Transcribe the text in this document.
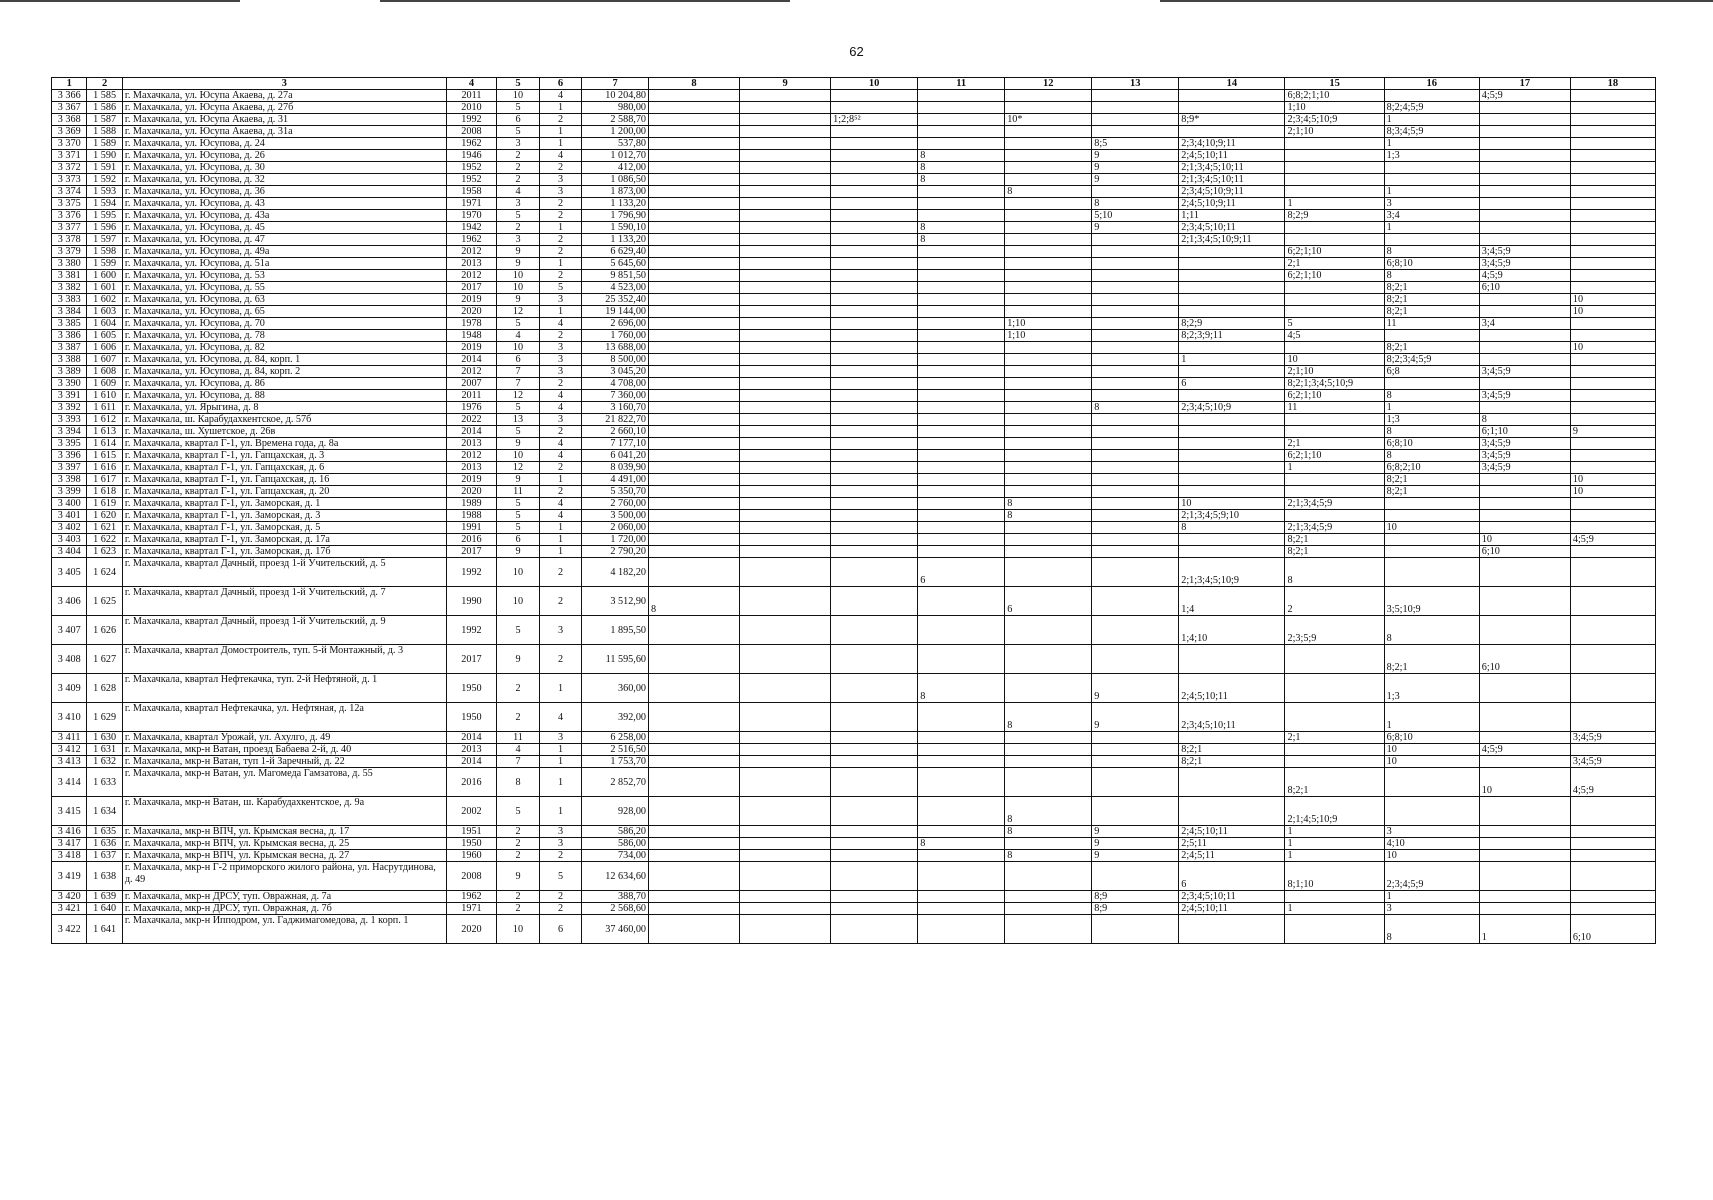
62
1	2	3	4	5	6	7	8	9	10	11	12	13	14	15	16	17	18
3 366	1 585	г. Махачкала, ул. Юсупа Акаева, д. 27а	2011	10	4	10 204,80								6;8;2;1;10		4;5;9	
3 367	1 586	г. Махачкала, ул. Юсупа Акаева, д. 27б	2010	5	1	980,00								1;10	8;2;4;5;9		
3 368	1 587	г. Махачкала, ул. Юсупа Акаева, д. 31	1992	6	2	2 588,70			1;2;8⁵²		10*		8;9*	2;3;4;5;10;9	1		
3 369	1 588	г. Махачкала, ул. Юсупа Акаева, д. 31а	2008	5	1	1 200,00								2;1;10	8;3;4;5;9		
3 370	1 589	г. Махачкала, ул. Юсупова, д. 24	1962	3	1	537,80						8;5	2;3;4;10;9;11		1		
3 371	1 590	г. Махачкала, ул. Юсупова, д. 26	1946	2	4	1 012,70				8		9	2;4;5;10;11		1;3		
3 372	1 591	г. Махачкала, ул. Юсупова, д. 30	1952	2	2	412,00				8		9	2;1;3;4;5;10;11				
3 373	1 592	г. Махачкала, ул. Юсупова, д. 32	1952	2	3	1 086,50				8		9	2;1;3;4;5;10;11				
3 374	1 593	г. Махачкала, ул. Юсупова, д. 36	1958	4	3	1 873,00					8		2;3;4;5;10;9;11		1		
3 375	1 594	г. Махачкала, ул. Юсупова, д. 43	1971	3	2	1 133,20						8	2;4;5;10;9;11	1	3		
3 376	1 595	г. Махачкала, ул. Юсупова, д. 43а	1970	5	2	1 796,90						5;10	1;11	8;2;9	3;4		
3 377	1 596	г. Махачкала, ул. Юсупова, д. 45	1942	2	1	1 590,10				8		9	2;3;4;5;10;11		1		
3 378	1 597	г. Махачкала, ул. Юсупова, д. 47	1962	3	2	1 133,20				8			2;1;3;4;5;10;9;11				
3 379	1 598	г. Махачкала, ул. Юсупова, д. 49а	2012	9	2	6 629,40								6;2;1;10	8	3;4;5;9	
3 380	1 599	г. Махачкала, ул. Юсупова, д. 51а	2013	9	1	5 645,60								2;1	6;8;10	3;4;5;9	
3 381	1 600	г. Махачкала, ул. Юсупова, д. 53	2012	10	2	9 851,50								6;2;1;10	8	4;5;9	
3 382	1 601	г. Махачкала, ул. Юсупова, д. 55	2017	10	5	4 523,00									8;2;1	6;10	
3 383	1 602	г. Махачкала, ул. Юсупова, д. 63	2019	9	3	25 352,40									8;2;1		10
3 384	1 603	г. Махачкала, ул. Юсупова, д. 65	2020	12	1	19 144,00									8;2;1		10
3 385	1 604	г. Махачкала, ул. Юсупова, д. 70	1978	5	4	2 696,00					1;10		8;2;9	5	11	3;4	
3 386	1 605	г. Махачкала, ул. Юсупова, д. 78	1948	4	2	1 760,00					1;10		8;2;3;9;11	4;5			
3 387	1 606	г. Махачкала, ул. Юсупова, д. 82	2019	10	3	13 688,00									8;2;1		10
3 388	1 607	г. Махачкала, ул. Юсупова, д. 84, корп. 1	2014	6	3	8 500,00							1	10	8;2;3;4;5;9		
3 389	1 608	г. Махачкала, ул. Юсупова, д. 84, корп. 2	2012	7	3	3 045,20								2;1;10	6;8	3;4;5;9	
3 390	1 609	г. Махачкала, ул. Юсупова, д. 86	2007	7	2	4 708,00							6	8;2;1;3;4;5;10;9			
3 391	1 610	г. Махачкала, ул. Юсупова, д. 88	2011	12	4	7 360,00								6;2;1;10	8	3;4;5;9	
3 392	1 611	г. Махачкала, ул. Ярыгина, д. 8	1976	5	4	3 160,70						8	2;3;4;5;10;9	11	1		
3 393	1 612	г. Махачкала, ш. Карабудахкентское, д. 57б	2022	13	3	21 822,70									1;3	8	
3 394	1 613	г. Махачкала, ш. Хушетское, д. 26в	2014	5	2	2 660,10									8	6;1;10	9
3 395	1 614	г. Махачкала, квартал Г-1, ул. Времена года, д. 8а	2013	9	4	7 177,10								2;1	6;8;10	3;4;5;9	
3 396	1 615	г. Махачкала, квартал Г-1, ул. Гапцахская, д. 3	2012	10	4	6 041,20								6;2;1;10	8	3;4;5;9	
3 397	1 616	г. Махачкала, квартал Г-1, ул. Гапцахская, д. 6	2013	12	2	8 039,90								1	6;8;2;10	3;4;5;9	
3 398	1 617	г. Махачкала, квартал Г-1, ул. Гапцахская, д. 16	2019	9	1	4 491,00									8;2;1		10
3 399	1 618	г. Махачкала, квартал Г-1, ул. Гапцахская, д. 20	2020	11	2	5 350,70									8;2;1		10
3 400	1 619	г. Махачкала, квартал Г-1, ул. Заморская, д. 1	1989	5	4	2 760,00					8		10	2;1;3;4;5;9			
3 401	1 620	г. Махачкала, квартал Г-1, ул. Заморская, д. 3	1988	5	4	3 500,00					8		2;1;3;4;5;9;10				
3 402	1 621	г. Махачкала, квартал Г-1, ул. Заморская, д. 5	1991	5	1	2 060,00							8	2;1;3;4;5;9	10		
3 403	1 622	г. Махачкала, квартал Г-1, ул. Заморская, д. 17а	2016	6	1	1 720,00								8;2;1		10	4;5;9
3 404	1 623	г. Махачкала, квартал Г-1, ул. Заморская, д. 17б	2017	9	1	2 790,20								8;2;1		6;10	
3 405	1 624	г. Махачкала, квартал Дачный, проезд 1-й Учительский, д. 5	1992	10	2	4 182,20				6			2;1;3;4;5;10;9	8			
3 406	1 625	г. Махачкала, квартал Дачный, проезд 1-й Учительский, д. 7	1990	10	2	3 512,90	8				6		1;4	2	3;5;10;9		
3 407	1 626	г. Махачкала, квартал Дачный, проезд 1-й Учительский, д. 9	1992	5	3	1 895,50							1;4;10	2;3;5;9	8		
3 408	1 627	г. Махачкала, квартал Домостроитель, туп. 5-й Монтажный, д. 3	2017	9	2	11 595,60									8;2;1	6;10	
3 409	1 628	г. Махачкала, квартал Нефтекачка, туп. 2-й Нефтяной, д. 1	1950	2	1	360,00				8		9	2;4;5;10;11		1;3		
3 410	1 629	г. Махачкала, квартал Нефтекачка, ул. Нефтяная, д. 12а	1950	2	4	392,00					8	9	2;3;4;5;10;11		1		
3 411	1 630	г. Махачкала, квартал Урожай, ул. Ахулго, д. 49	2014	11	3	6 258,00								2;1	6;8;10		3;4;5;9
3 412	1 631	г. Махачкала, мкр-н Ватан, проезд Бабаева 2-й, д. 40	2013	4	1	2 516,50							8;2;1		10	4;5;9	
3 413	1 632	г. Махачкала, мкр-н Ватан, туп 1-й Заречный, д. 22	2014	7	1	1 753,70							8;2;1		10		3;4;5;9
3 414	1 633	г. Махачкала, мкр-н Ватан, ул. Магомеда Гамзатова, д. 55	2016	8	1	2 852,70								8;2;1		10	4;5;9
3 415	1 634	г. Махачкала, мкр-н Ватан, ш. Карабудахкентское, д. 9а	2002	5	1	928,00					8			2;1;4;5;10;9			
3 416	1 635	г. Махачкала, мкр-н ВПЧ, ул. Крымская весна, д. 17	1951	2	3	586,20					8	9	2;4;5;10;11	1	3		
3 417	1 636	г. Махачкала, мкр-н ВПЧ, ул. Крымская весна, д. 25	1950	2	3	586,00				8		9	2;5;11	1	4;10		
3 418	1 637	г. Махачкала, мкр-н ВПЧ, ул. Крымская весна, д. 27	1960	2	2	734,00					8	9	2;4;5;11	1	10		
3 419	1 638	г. Махачкала, мкр-н Г-2 приморского жилого района, ул. Насрутдинова, д. 49	2008	9	5	12 634,60							6	8;1;10	2;3;4;5;9		
3 420	1 639	г. Махачкала, мкр-н ДРСУ, туп. Овражная, д. 7а	1962	2	2	388,70						8;9	2;3;4;5;10;11		1		
3 421	1 640	г. Махачкала, мкр-н ДРСУ, туп. Овражная, д. 7б	1971	2	2	2 568,60						8;9	2;4;5;10;11	1	3		
3 422	1 641	г. Махачкала, мкр-н Ипподром, ул. Гаджимагомедова, д. 1 корп. 1	2020	10	6	37 460,00									8	1	6;10
